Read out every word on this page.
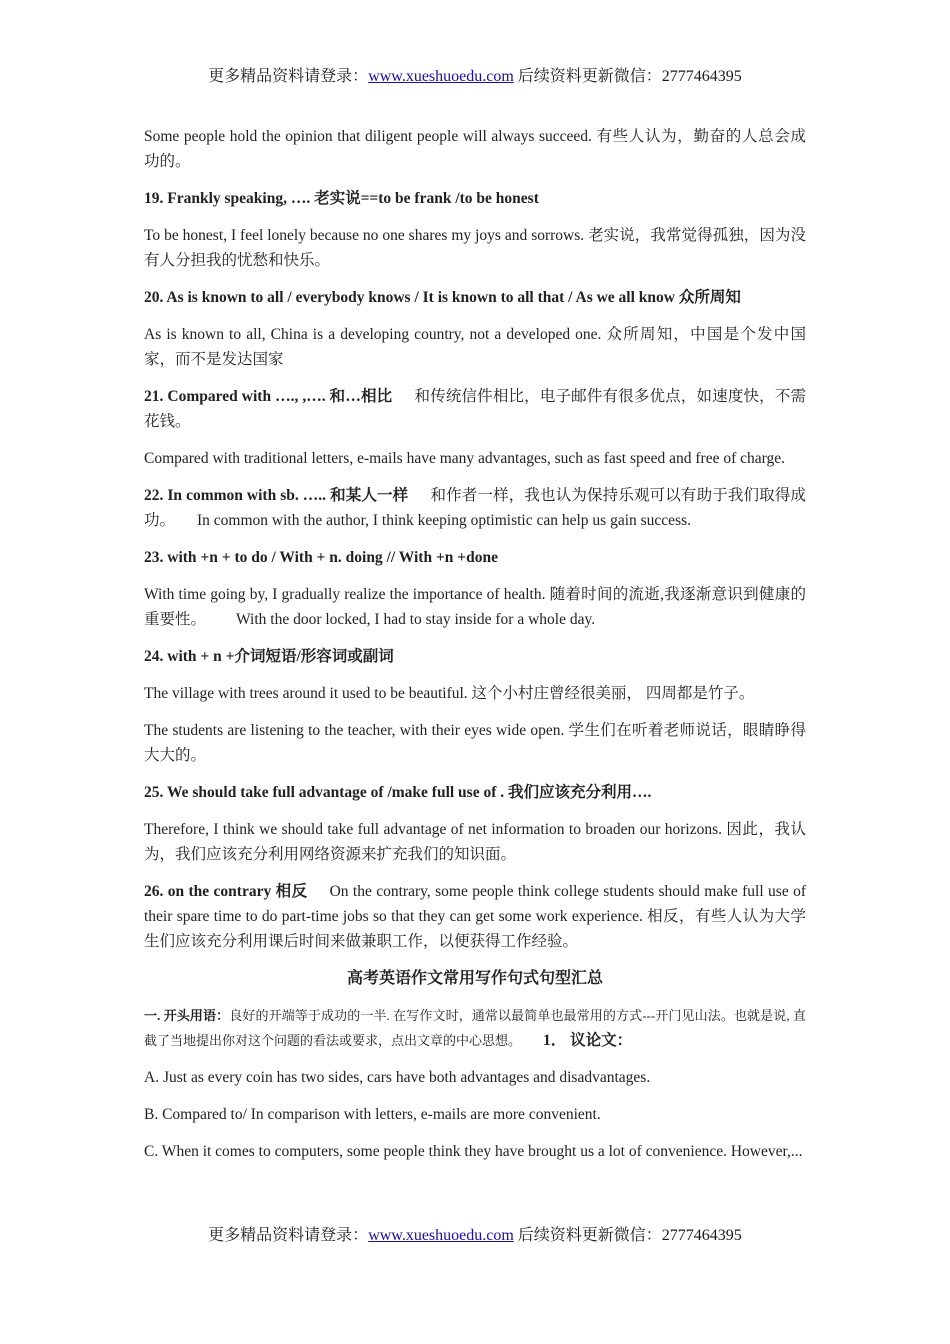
更多精品资料请登录：www.xueshuoedu.com 后续资料更新微信：2777464395

Some people hold the opinion that diligent people will always succeed. 有些人认为，勤奋的人总会成功的。

19. Frankly speaking, …. 老实说==to be frank /to be honest

To be honest, I feel lonely because no one shares my joys and sorrows. 老实说，我常觉得孤独，因为没有人分担我的忧愁和快乐。

20. As is known to all / everybody knows / It is known to all that / As we all know 众所周知

As is known to all, China is a developing country, not a developed one. 众所周知，中国是个发中国家，而不是发达国家

21. Compared with …., ,…. 和…相比 和传统信件相比，电子邮件有很多优点，如速度快，不需花钱。

Compared with traditional letters, e-mails have many advantages, such as fast speed and free of charge.

22. In common with sb. ….. 和某人一样 和作者一样，我也认为保持乐观可以有助于我们取得成功。 In common with the author, I think keeping optimistic can help us gain success.

23. with +n + to do / With + n. doing // With +n +done

With time going by, I gradually realize the importance of health. 随着时间的流逝,我逐渐意识到健康的重要性。 With the door locked, I had to stay inside for a whole day.

24. with + n +介词短语/形容词或副词

The village with trees around it used to be beautiful. 这个小村庄曾经很美丽， 四周都是竹子。

The students are listening to the teacher, with their eyes wide open. 学生们在听着老师说话，眼睛睁得大大的。

25. We should take full advantage of /make full use of . 我们应该充分利用….

Therefore, I think we should take full advantage of net information to broaden our horizons. 因此，我认为，我们应该充分利用网络资源来扩充我们的知识面。

26. on the contrary 相反 On the contrary, some people think college students should make full use of their spare time to do part-time jobs so that they can get some work experience. 相反，有些人认为大学生们应该充分利用课后时间来做兼职工作，以便获得工作经验。

高考英语作文常用写作句式句型汇总

一. 开头用语：良好的开端等于成功的一半. 在写作文时，通常以最简单也最常用的方式---开门见山法。也就是说, 直截了当地提出你对这个问题的看法或要求，点出文章的中心思想。 1． 议论文：

A. Just as every coin has two sides, cars have both advantages and disadvantages.

B. Compared to/ In comparison with letters, e-mails are more convenient.

C. When it comes to computers, some people think they have brought us a lot of convenience. However,...

更多精品资料请登录：www.xueshuoedu.com 后续资料更新微信：2777464395
